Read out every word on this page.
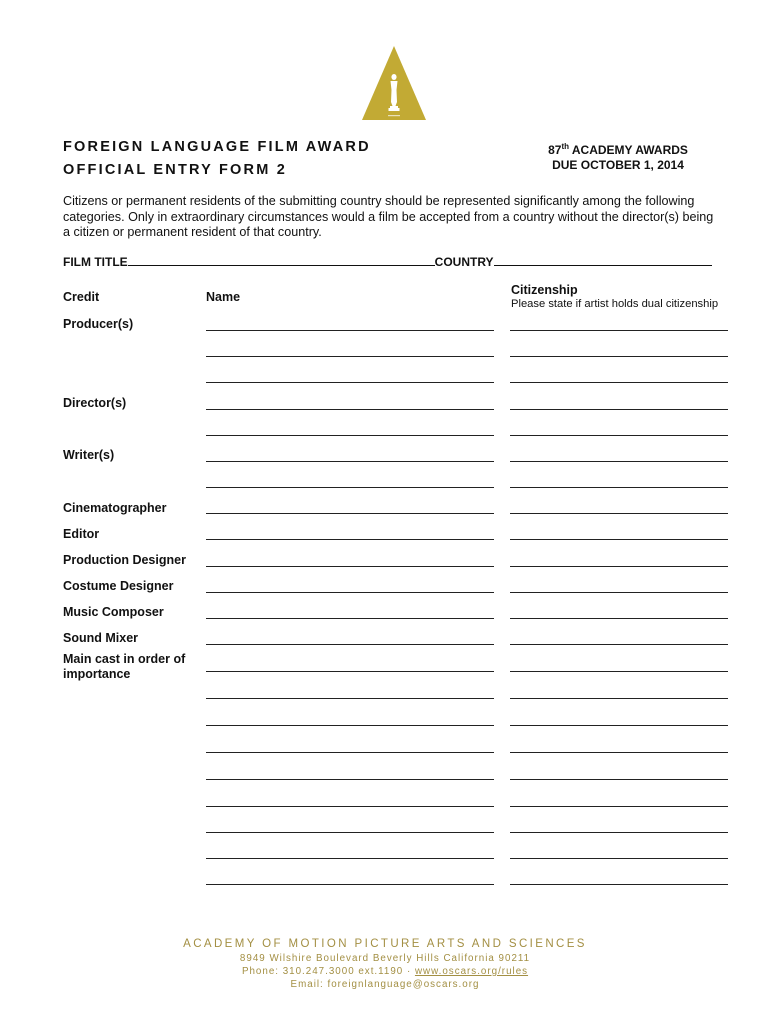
FOREIGN LANGUAGE FILM AWARD
OFFICIAL ENTRY FORM 2
87th ACADEMY AWARDS
DUE OCTOBER 1, 2014
Citizens or permanent residents of the submitting country should be represented significantly among the following categories. Only in extraordinary circumstances would a film be accepted from a country without the director(s) being a citizen or permanent resident of that country.
FILM TITLE	COUNTRY
Credit	Name	Citizenship
Please state if artist holds dual citizenship
Producer(s)
Director(s)
Writer(s)
Cinematographer
Editor
Production Designer
Costume Designer
Music Composer
Sound Mixer
Main cast in order of importance
ACADEMY OF MOTION PICTURE ARTS AND SCIENCES
8949 Wilshire Boulevard Beverly Hills California 90211
Phone: 310.247.3000 ext.1190 · www.oscars.org/rules
Email: foreignlanguage@oscars.org
